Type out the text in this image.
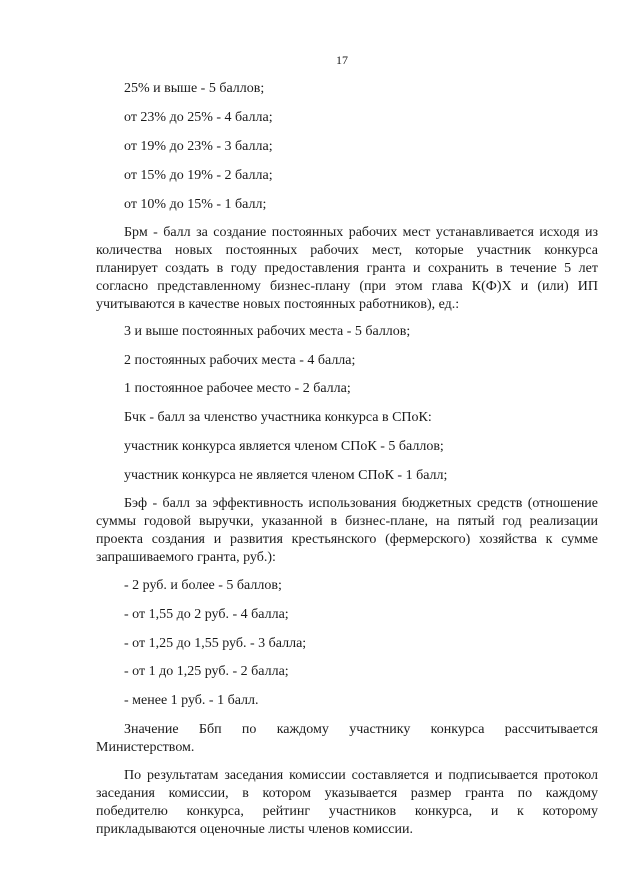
17
25% и выше - 5 баллов;
от 23% до 25% - 4 балла;
от 19% до 23% - 3 балла;
от 15% до 19% - 2 балла;
от 10% до 15% - 1 балл;
Брм - балл за создание постоянных рабочих мест устанавливается исходя из
количества новых постоянных рабочих мест, которые участник конкурса
планирует создать в году предоставления гранта и сохранить в течение 5 лет
согласно представленному бизнес-плану (при этом глава К(Ф)Х и (или) ИП
учитываются в качестве новых постоянных работников), ед.:
3 и выше постоянных рабочих места - 5 баллов;
2 постоянных рабочих места - 4 балла;
1 постоянное рабочее место - 2 балла;
Бчк - балл за членство участника конкурса в СПоК:
участник конкурса является членом СПоК - 5 баллов;
участник конкурса не является членом СПоК - 1 балл;
Бэф - балл за эффективность использования бюджетных средств (отношение
суммы годовой выручки, указанной в бизнес-плане, на пятый год реализации
проекта создания и развития крестьянского (фермерского) хозяйства к сумме
запрашиваемого гранта, руб.):
- 2 руб. и более - 5 баллов;
- от 1,55 до 2 руб. - 4 балла;
- от 1,25 до 1,55 руб. - 3 балла;
- от 1 до 1,25 руб. - 2 балла;
- менее 1 руб. - 1 балл.
Значение Ббп по каждому участнику конкурса рассчитывается
Министерством.
По результатам заседания комиссии составляется и подписывается протокол
заседания комиссии, в котором указывается размер гранта по каждому
победителю конкурса, рейтинг участников конкурса, и к которому
прикладываются оценочные листы членов комиссии.
